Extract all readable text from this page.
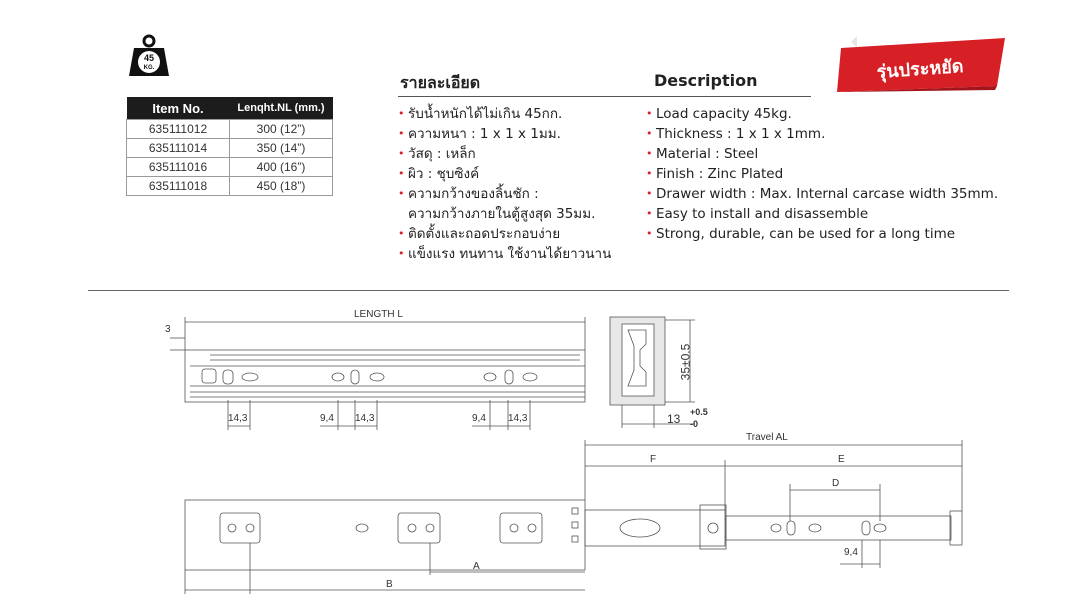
45
KG.
Item No.	Lenqht.NL (mm.)
635111012	300 (12”)
635111014	350 (14”)
635111016	400 (16”)
635111018	450 (18”)
รายละเอียด	Description
• รับน้ำหนักได้ไม่เกิน 45กก.
• ความหนา : 1 x 1 x 1มม.
• วัสดุ : เหล็ก
• ผิว : ชุบซิงค์
• ความกว้างของลิ้นชัก :
ความกว้างภายในตู้สูงสุด 35มม.
• ติดตั้งและถอดประกอบง่าย
• แข็งแรง ทนทาน ใช้งานได้ยาวนาน
• Load capacity 45kg.
• Thickness : 1 x 1 x 1mm.
• Material : Steel
• Finish : Zinc Plated
• Drawer width : Max. Internal carcase width 35mm.
• Easy to install and disassemble
• Strong, durable, can be used for a long time
รุ่นประหยัด
3
LENGTH L
14,3	9,4 14,3	9,4 14,3
35±0.5
13 +0.5
-0
Travel AL
F	E
D
A
B
9,4
